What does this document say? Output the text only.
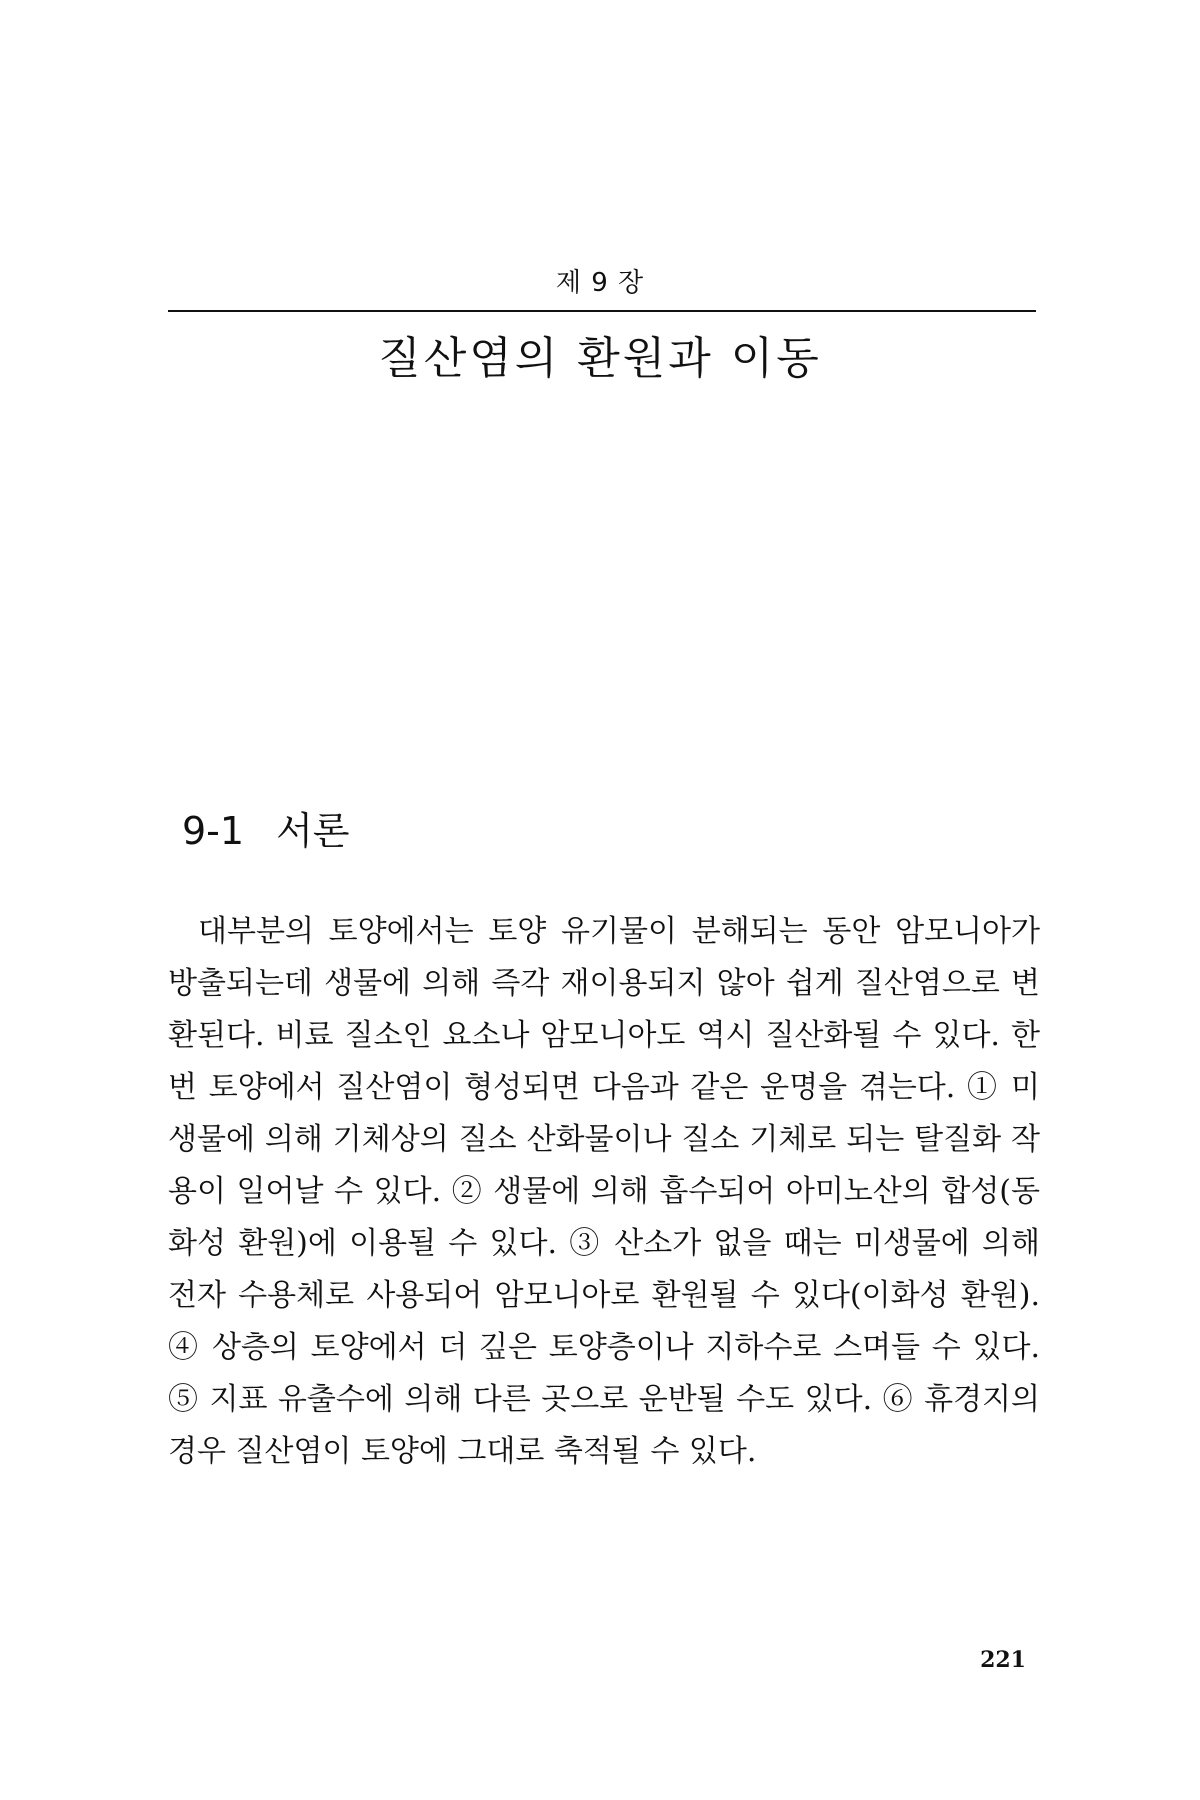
제 9 장
질산염의 환원과 이동
9-1 서론

대부분의 토양에서는 토양 유기물이 분해되는 동안 암모니아가 방출되는데 생물에 의해 즉각 재이용되지 않아 쉽게 질산염으로 변환된다. 비료 질소인 요소나 암모니아도 역시 질산화될 수 있다. 한번 토양에서 질산염이 형성되면 다음과 같은 운명을 겪는다. ① 미생물에 의해 기체상의 질소 산화물이나 질소 기체로 되는 탈질화 작용이 일어날 수 있다. ② 생물에 의해 흡수되어 아미노산의 합성(동화성 환원)에 이용될 수 있다. ③ 산소가 없을 때는 미생물에 의해 전자 수용체로 사용되어 암모니아로 환원될 수 있다(이화성 환원). ④ 상층의 토양에서 더 깊은 토양층이나 지하수로 스며들 수 있다. ⑤ 지표 유출수에 의해 다른 곳으로 운반될 수도 있다. ⑥ 휴경지의 경우 질산염이 토양에 그대로 축적될 수 있다.

221
